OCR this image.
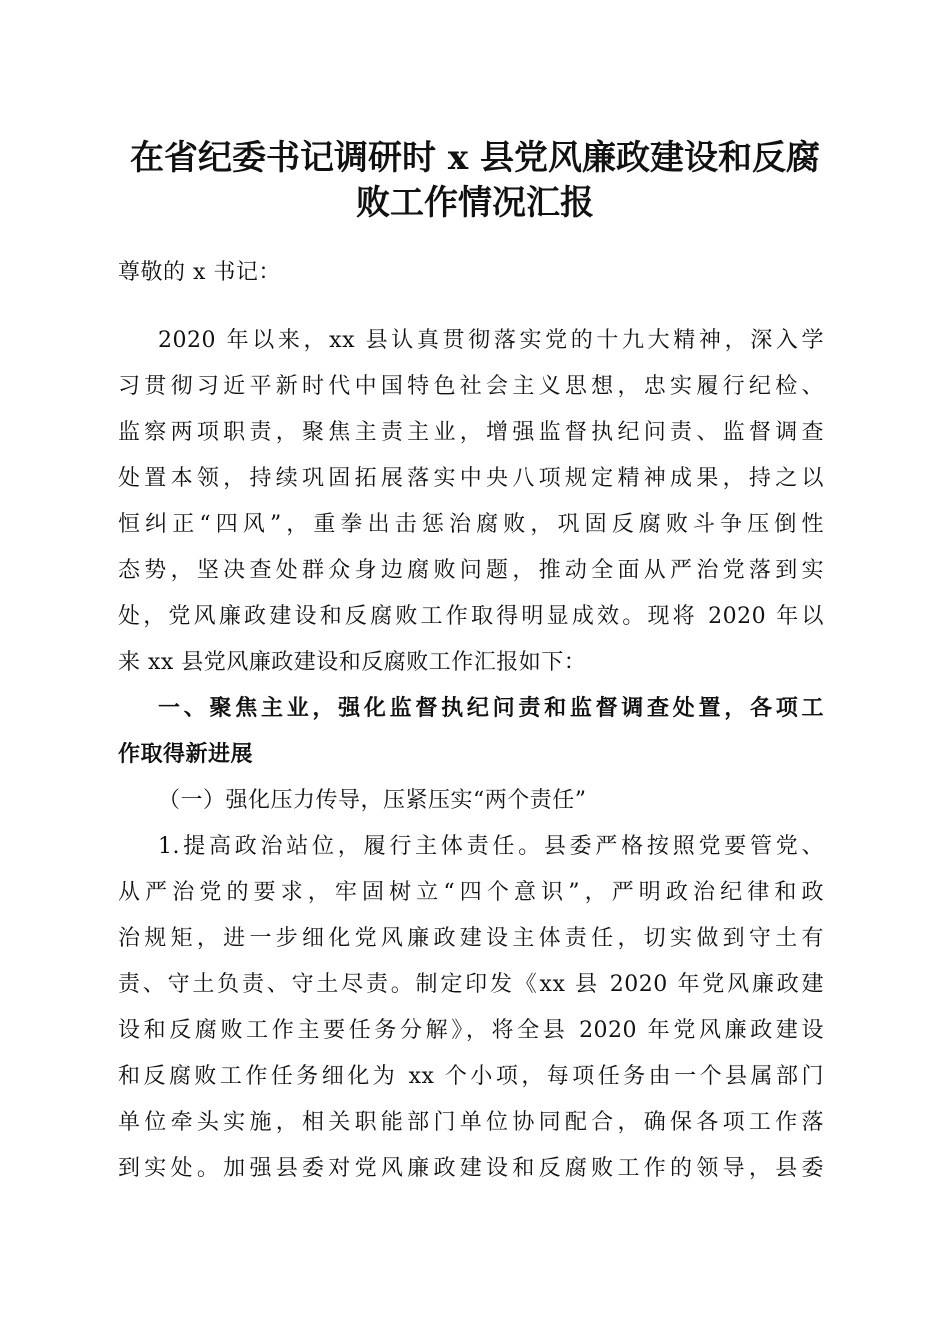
在省纪委书记调研时 x 县党风廉政建设和反腐
败工作情况汇报
尊敬的 x 书记：
2020 年以来，xx 县认真贯彻落实党的十九大精神，深入学
习贯彻习近平新时代中国特色社会主义思想，忠实履行纪检、
监察两项职责，聚焦主责主业，增强监督执纪问责、监督调查
处置本领，持续巩固拓展落实中央八项规定精神成果，持之以
恒纠正“四风”，重拳出击惩治腐败，巩固反腐败斗争压倒性
态势，坚决查处群众身边腐败问题，推动全面从严治党落到实
处，党风廉政建设和反腐败工作取得明显成效。现将 2020 年以
来 xx 县党风廉政建设和反腐败工作汇报如下：
一、聚焦主业，强化监督执纪问责和监督调查处置，各项工
作取得新进展
（一）强化压力传导，压紧压实“两个责任”
1.提高政治站位，履行主体责任。县委严格按照党要管党、
从严治党的要求，牢固树立“四个意识”，严明政治纪律和政
治规矩，进一步细化党风廉政建设主体责任，切实做到守土有
责、守土负责、守土尽责。制定印发《xx 县 2020 年党风廉政建
设和反腐败工作主要任务分解》，将全县 2020 年党风廉政建设
和反腐败工作任务细化为 xx 个小项，每项任务由一个县属部门
单位牵头实施，相关职能部门单位协同配合，确保各项工作落
到实处。加强县委对党风廉政建设和反腐败工作的领导，县委
